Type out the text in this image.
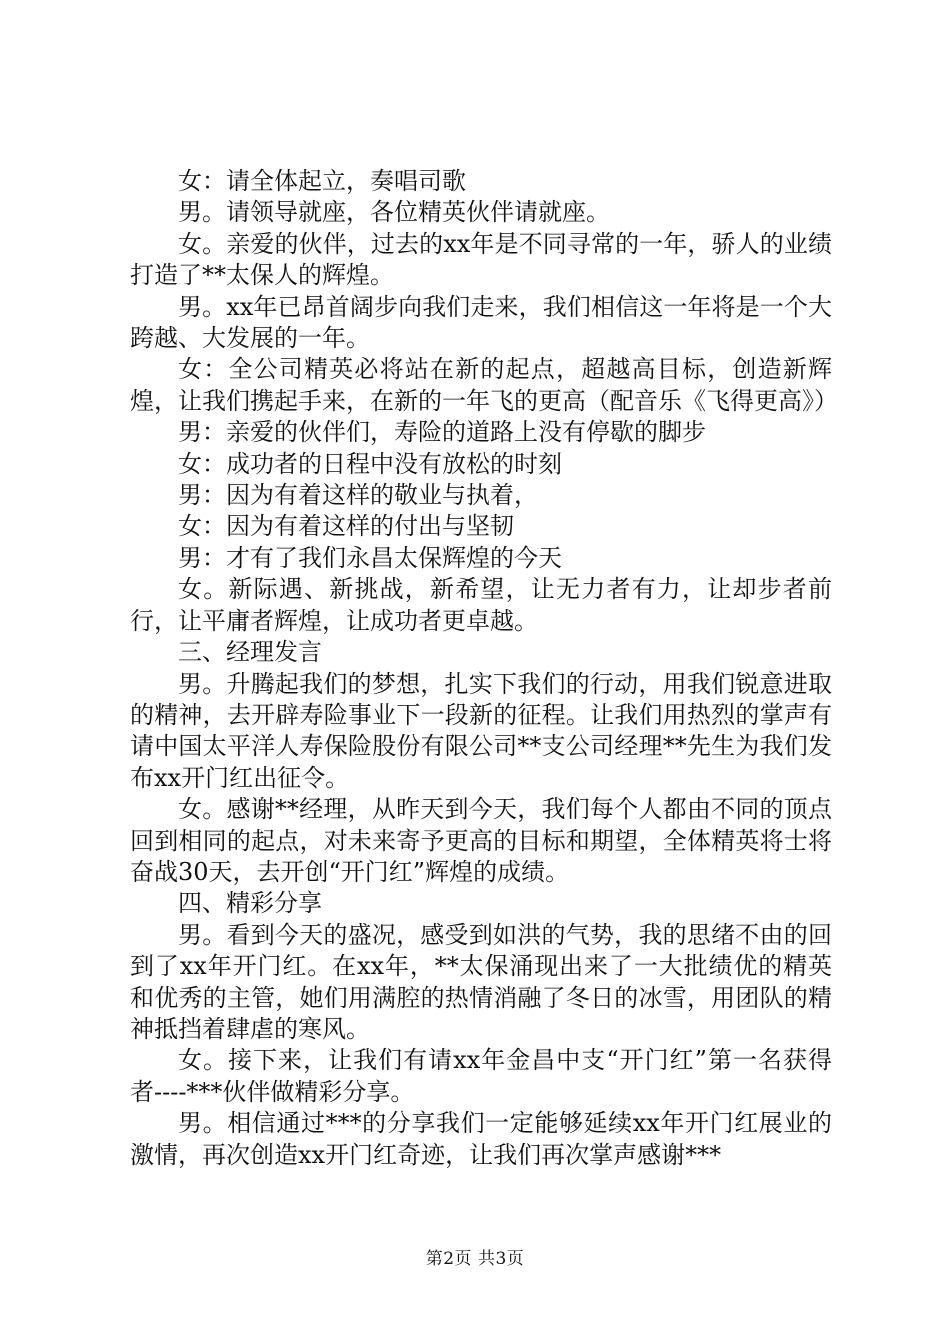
女：请全体起立，奏唱司歌

男。请领导就座，各位精英伙伴请就座。

女。亲爱的伙伴，过去的xx年是不同寻常的一年，骄人的业绩打造了**太保人的辉煌。

男。xx年已昂首阔步向我们走来，我们相信这一年将是一个大跨越、大发展的一年。

女：全公司精英必将站在新的起点，超越高目标，创造新辉煌，让我们携起手来，在新的一年飞的更高（配音乐《飞得更高》）

男：亲爱的伙伴们，寿险的道路上没有停歇的脚步

女：成功者的日程中没有放松的时刻

男：因为有着这样的敬业与执着，

女：因为有着这样的付出与坚韧

男：才有了我们永昌太保辉煌的今天

女。新际遇、新挑战，新希望，让无力者有力，让却步者前行，让平庸者辉煌，让成功者更卓越。

三、经理发言

男。升腾起我们的梦想，扎实下我们的行动，用我们锐意进取的精神，去开辟寿险事业下一段新的征程。让我们用热烈的掌声有请中国太平洋人寿保险股份有限公司**支公司经理**先生为我们发布xx开门红出征令。

女。感谢**经理，从昨天到今天，我们每个人都由不同的顶点回到相同的起点，对未来寄予更高的目标和期望，全体精英将士将奋战30天，去开创“开门红”辉煌的成绩。

四、精彩分享

男。看到今天的盛况，感受到如洪的气势，我的思绪不由的回到了xx年开门红。在xx年，**太保涌现出来了一大批绩优的精英和优秀的主管，她们用满腔的热情消融了冬日的冰雪，用团队的精神抵挡着肆虐的寒风。

女。接下来，让我们有请xx年金昌中支“开门红”第一名获得者----***伙伴做精彩分享。

男。相信通过***的分享我们一定能够延续xx年开门红展业的激情，再次创造xx开门红奇迹，让我们再次掌声感谢***

第2页 共3页
